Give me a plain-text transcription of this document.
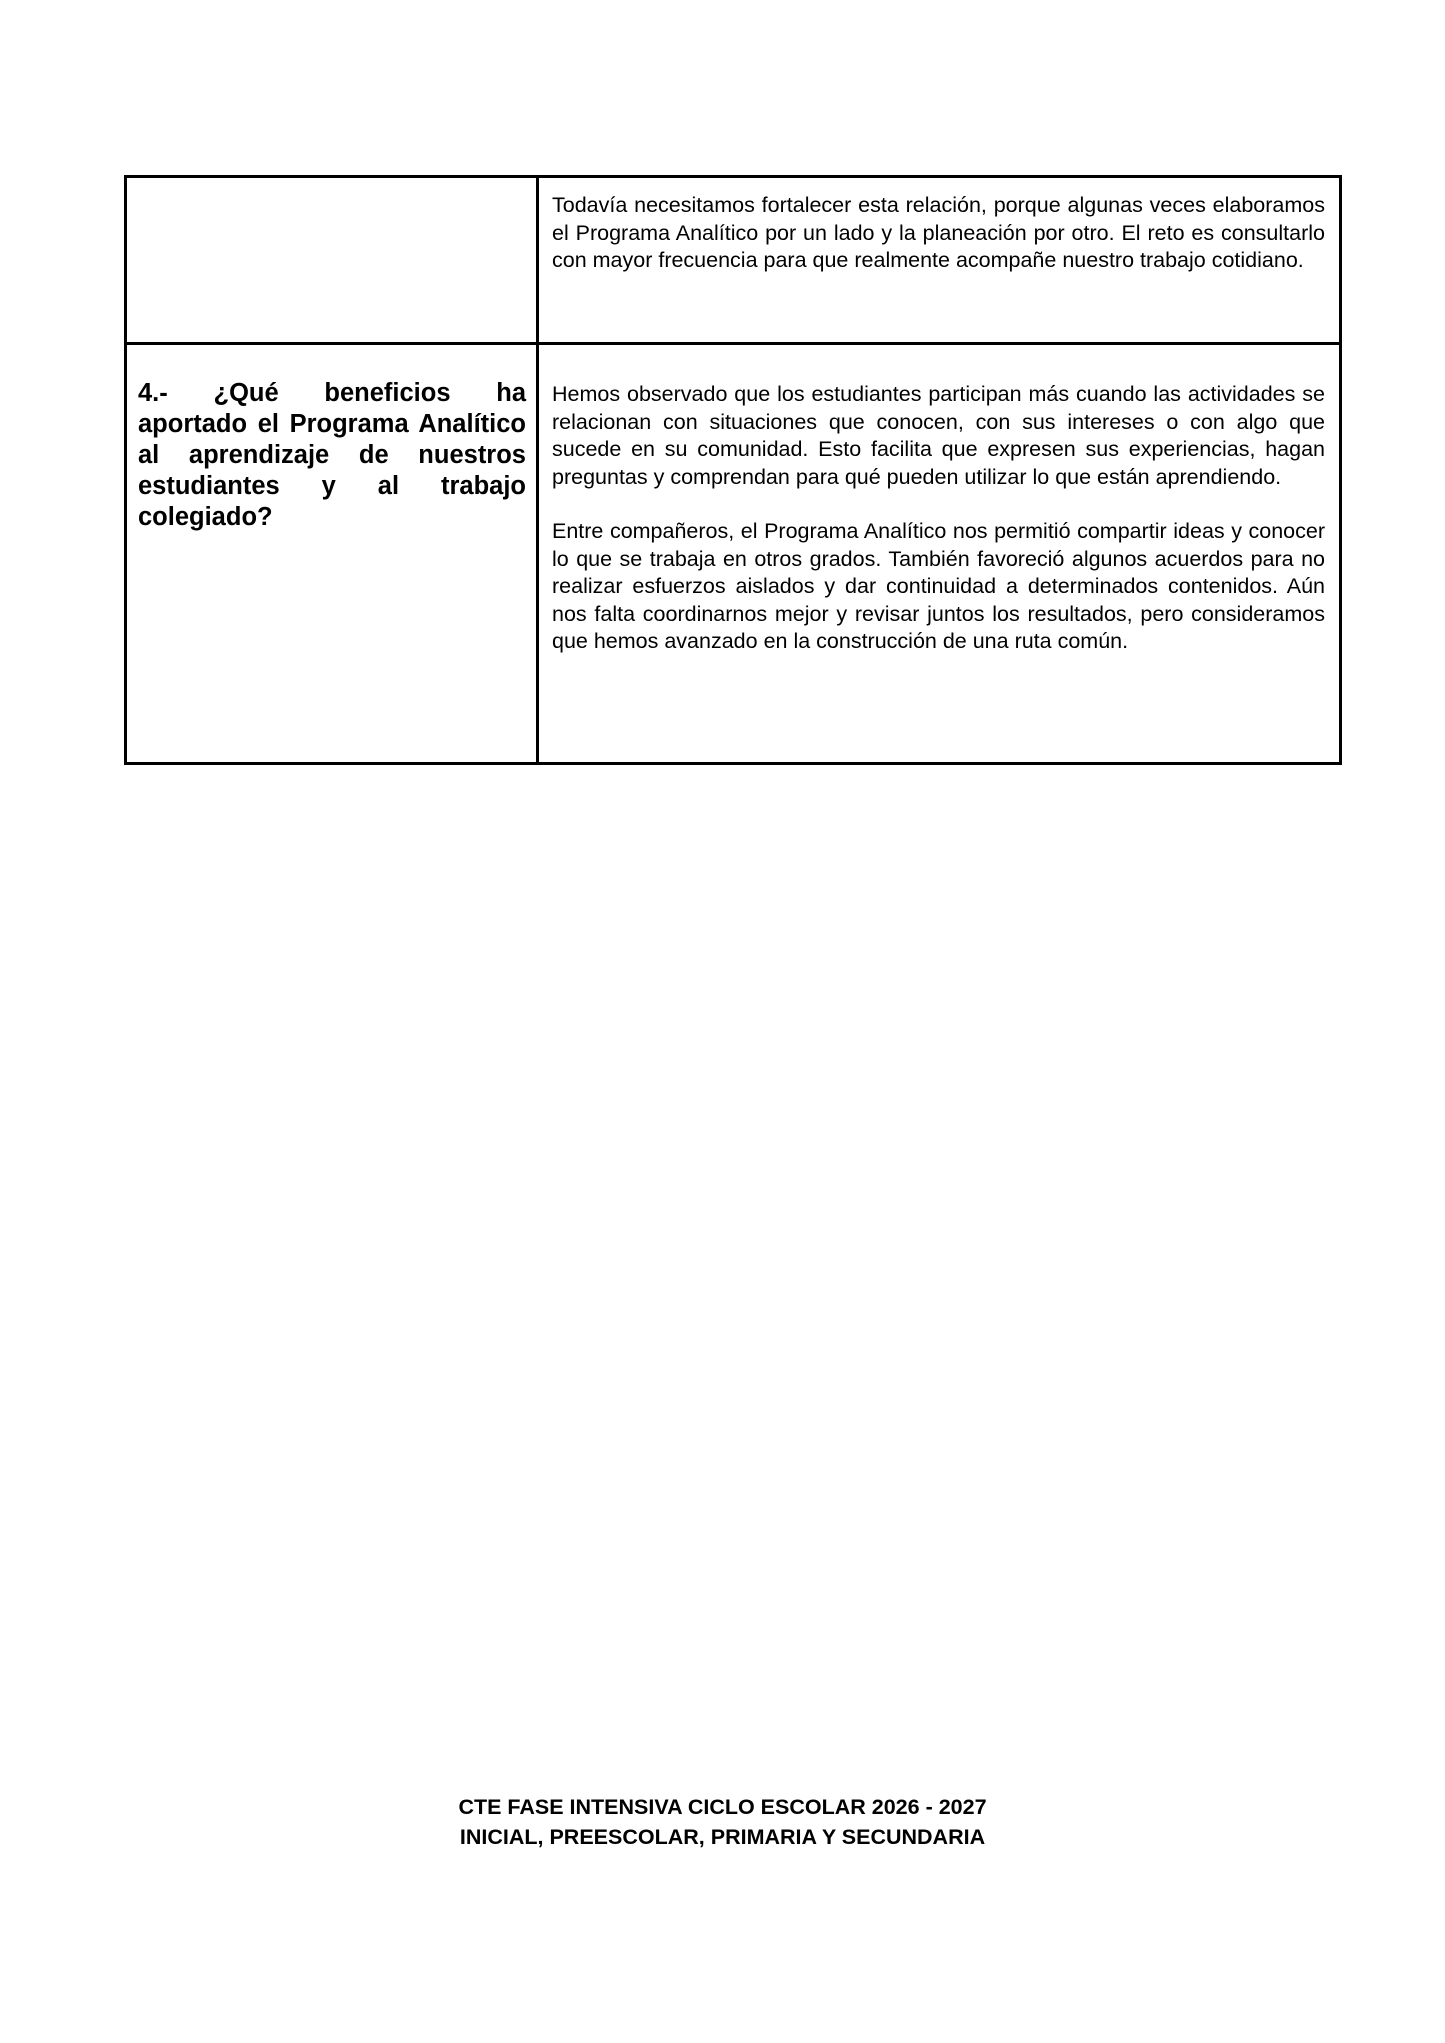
	Todavía necesitamos fortalecer esta relación, porque algunas veces elaboramos el Programa Analítico por un lado y la planeación por otro. El reto es consultarlo con mayor frecuencia para que realmente acompañe nuestro trabajo cotidiano.

4.- ¿Qué beneficios ha aportado el Programa Analítico al aprendizaje de nuestros estudiantes y al trabajo colegiado?	Hemos observado que los estudiantes participan más cuando las actividades se relacionan con situaciones que conocen, con sus intereses o con algo que sucede en su comunidad. Esto facilita que expresen sus experiencias, hagan preguntas y comprendan para qué pueden utilizar lo que están aprendiendo.

Entre compañeros, el Programa Analítico nos permitió compartir ideas y conocer lo que se trabaja en otros grados. También favoreció algunos acuerdos para no realizar esfuerzos aislados y dar continuidad a determinados contenidos. Aún nos falta coordinarnos mejor y revisar juntos los resultados, pero consideramos que hemos avanzado en la construcción de una ruta común.

CTE FASE INTENSIVA CICLO ESCOLAR 2026 - 2027
INICIAL, PREESCOLAR, PRIMARIA Y SECUNDARIA
